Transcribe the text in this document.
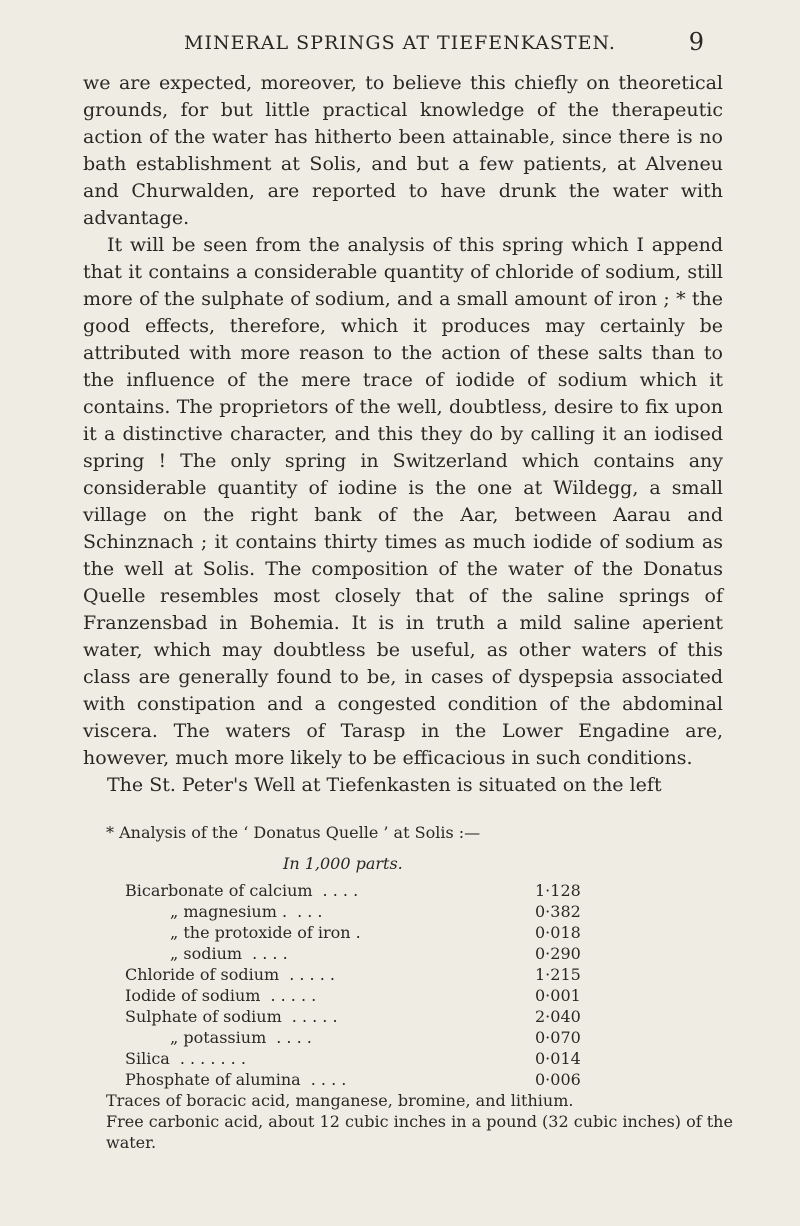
MINERAL SPRINGS AT TIEFENKASTEN.	9

we are expected, moreover, to believe this chiefly on theoretical grounds, for but little practical knowledge of the therapeutic action of the water has hitherto been attainable, since there is no bath establishment at Solis, and but a few patients, at Alveneu and Churwalden, are reported to have drunk the water with advantage.

It will be seen from the analysis of this spring which I append that it contains a considerable quantity of chloride of sodium, still more of the sulphate of sodium, and a small amount of iron ; * the good effects, therefore, which it produces may certainly be attributed with more reason to the action of these salts than to the influence of the mere trace of iodide of sodium which it contains. The proprietors of the well, doubtless, desire to fix upon it a distinctive character, and this they do by calling it an iodised spring ! The only spring in Switzerland which contains any considerable quantity of iodine is the one at Wildegg, a small village on the right bank of the Aar, between Aarau and Schinznach ; it contains thirty times as much iodide of sodium as the well at Solis. The composition of the water of the Donatus Quelle resembles most closely that of the saline springs of Franzensbad in Bohemia. It is in truth a mild saline aperient water, which may doubtless be useful, as other waters of this class are generally found to be, in cases of dyspepsia associated with constipation and a congested condition of the abdominal viscera. The waters of Tarasp in the Lower Engadine are, however, much more likely to be efficacious in such conditions.

The St. Peter's Well at Tiefenkasten is situated on the left

* Analysis of the ‘ Donatus Quelle ’ at Solis :—
In 1,000 parts.
Bicarbonate of calcium . . . .	1·128
„ magnesium . . . .	0·382
„ the protoxide of iron .	0·018
„ sodium . . . .	0·290
Chloride of sodium . . . . .	1·215
Iodide of sodium . . . . .	0·001
Sulphate of sodium . . . . .	2·040
„ potassium . . . .	0·070
Silica . . . . . . .	0·014
Phosphate of alumina . . . .	0·006
Traces of boracic acid, manganese, bromine, and lithium.
Free carbonic acid, about 12 cubic inches in a pound (32 cubic inches) of the water.
